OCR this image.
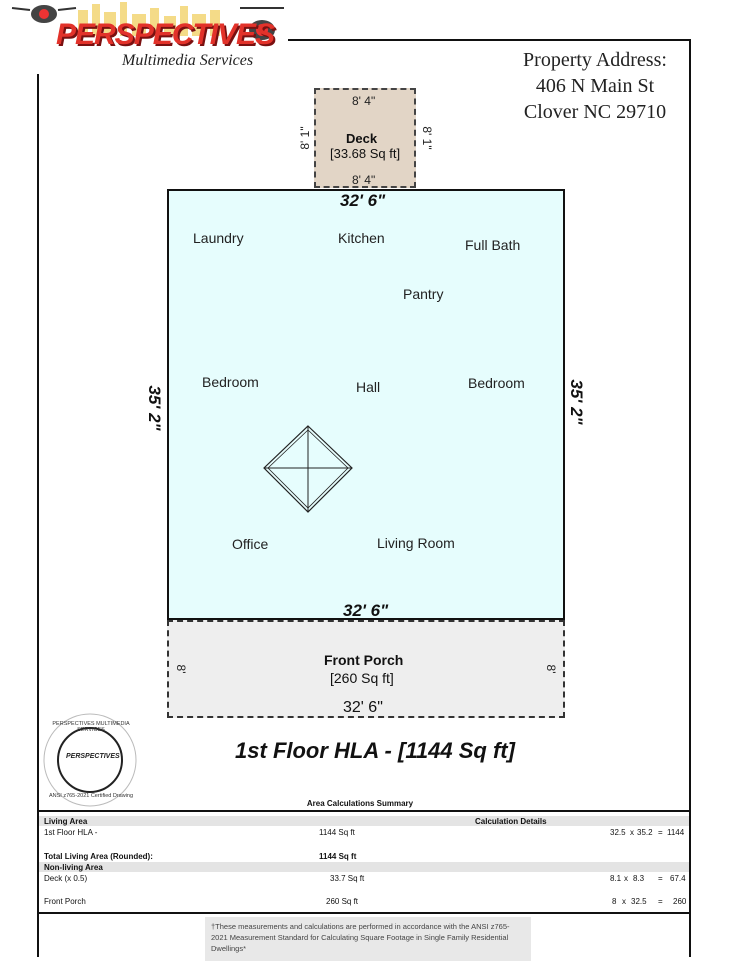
PERSPECTIVES
Multimedia Services	Property Address:
406 N Main St
Clover NC 29710
8' 4"
Deck
[33.68 Sq ft]
8' 4"
8' 1"	8' 1"
32' 6"
32' 6"
35' 2"	35' 2"
Laundry	Kitchen	Full Bath
Pantry
Bedroom	Hall	Bedroom
Office	Living Room
Front Porch
[260 Sq ft]
32' 6"
8'	8'
1st Floor HLA - [1144 Sq ft]
PERSPECTIVES MULTIMEDIA SERVICES
PERSPECTIVES
ANSI z765-2021 Certified Drawing
Area Calculations Summary
Living Area	Calculation Details
1st Floor HLA -	1144 Sq ft	32.5 x 35.2 = 1144
Total Living Area (Rounded):	1144 Sq ft
Non-living Area
Deck (x 0.5)	33.7 Sq ft	8.1 x 8.3 = 67.4
Front Porch	260 Sq ft	8 x 32.5 = 260
†These measurements and calculations are performed in accordance with the ANSI z765-2021 Measurement Standard for Calculating Square Footage in Single Family Residential Dwellings*
